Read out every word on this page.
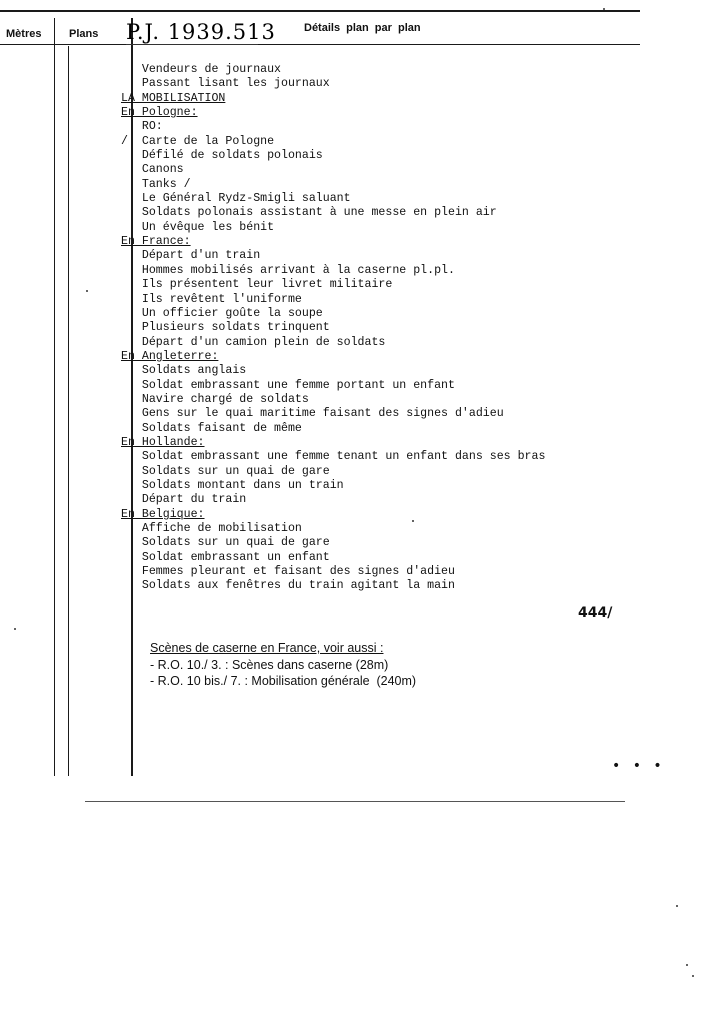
Mètres	Plans P.J. 1939.513	Détails plan par plan
Vendeurs de journaux
Passant lisant les journaux
LA MOBILISATION
En Pologne:
RO:
/  Carte de la Pologne
Défilé de soldats polonais
Canons
Tanks /
Le Général Rydz-Smigli saluant
Soldats polonais assistant à une messe en plein air
Un évêque les bénit
En France:
Départ d'un train
Hommes mobilisés arrivant à la caserne pl.pl.
Ils présentent leur livret militaire
Ils revêtent l'uniforme
Un officier goûte la soupe
Plusieurs soldats trinquent
Départ d'un camion plein de soldats
En Angleterre:
Soldats anglais
Soldat embrassant une femme portant un enfant
Navire chargé de soldats
Gens sur le quai maritime faisant des signes d'adieu
Soldats faisant de même
En Hollande:
Soldat embrassant une femme tenant un enfant dans ses bras
Soldats sur un quai de gare
Soldats montant dans un train
Départ du train
En Belgique:
Affiche de mobilisation
Soldats sur un quai de gare
Soldat embrassant un enfant
Femmes pleurant et faisant des signes d'adieu
Soldats aux fenêtres du train agitant la main
444/
Scènes de caserne en France, voir aussi :
- R.O. 10./ 3. : Scènes dans caserne (28m)
- R.O. 10 bis./ 7. : Mobilisation générale  (240m)
• • •
